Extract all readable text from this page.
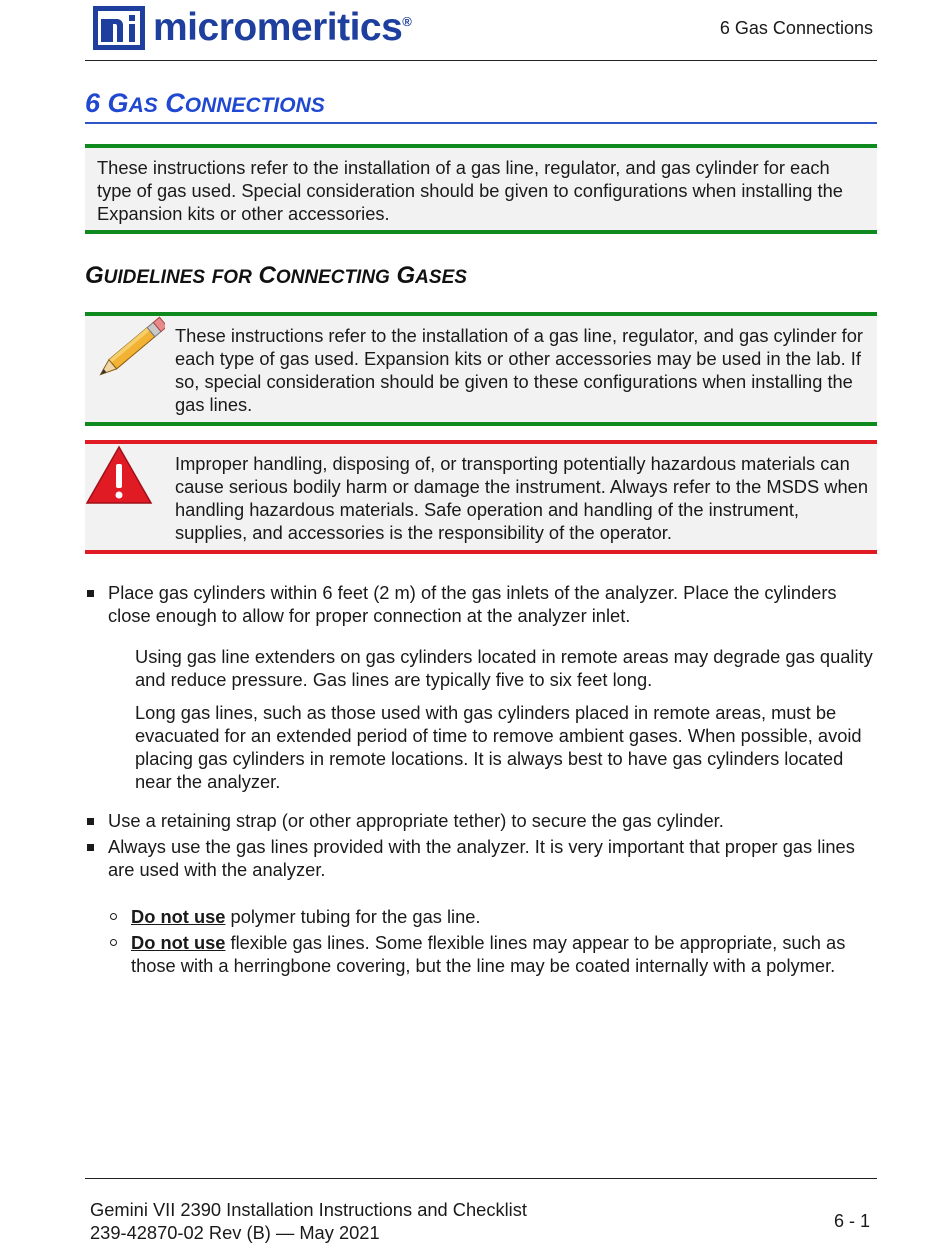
micromeritics®	6 Gas Connections
6 GAS CONNECTIONS
These instructions refer to the installation of a gas line, regulator, and gas cylinder for each type of gas used. Special consideration should be given to configurations when installing the Expansion kits or other accessories.
GUIDELINES FOR CONNECTING GASES
These instructions refer to the installation of a gas line, regulator, and gas cylinder for each type of gas used. Expansion kits or other accessories may be used in the lab. If so, special consideration should be given to these configurations when installing the gas lines.
Improper handling, disposing of, or transporting potentially hazardous materials can cause serious bodily harm or damage the instrument. Always refer to the MSDS when handling hazardous materials. Safe operation and handling of the instrument, supplies, and accessories is the responsibility of the operator.
Place gas cylinders within 6 feet (2 m) of the gas inlets of the analyzer. Place the cylinders close enough to allow for proper connection at the analyzer inlet.
Using gas line extenders on gas cylinders located in remote areas may degrade gas quality and reduce pressure. Gas lines are typically five to six feet long.
Long gas lines, such as those used with gas cylinders placed in remote areas, must be evacuated for an extended period of time to remove ambient gases. When possible, avoid placing gas cylinders in remote locations. It is always best to have gas cylinders located near the analyzer.
Use a retaining strap (or other appropriate tether) to secure the gas cylinder.
Always use the gas lines provided with the analyzer. It is very important that proper gas lines are used with the analyzer.
Do not use polymer tubing for the gas line.
Do not use flexible gas lines. Some flexible lines may appear to be appropriate, such as those with a herringbone covering, but the line may be coated internally with a polymer.
Gemini VII 2390 Installation Instructions and Checklist
239-42870-02 Rev (B) — May 2021
6 - 1
